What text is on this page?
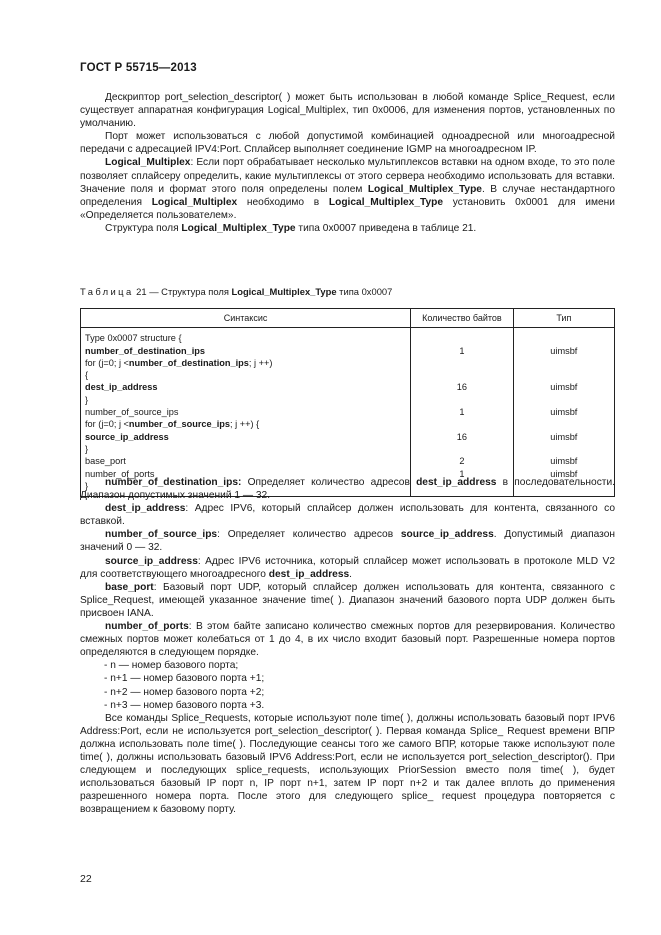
ГОСТ Р 55715—2013

Дескриптор port_selection_descriptor( ) может быть использован в любой команде Splice_Request, если существует аппаратная конфигурация Logical_Multiplex, тип 0x0006, для изменения портов, установленных по умолчанию.

Порт может использоваться с любой допустимой комбинацией одноадресной или многоадресной передачи с адресацией IPV4:Port. Сплайсер выполняет соединение IGMP на многоадресном IP.

Logical_Multiplex: Если порт обрабатывает несколько мультиплексов вставки на одном входе, то это поле позволяет сплайсеру определить, какие мультиплексы от этого сервера необходимо использовать для вставки. Значение поля и формат этого поля определены полем Logical_Multiplex_Type. В случае нестандартного определения Logical_Multiplex необходимо в Logical_Multiplex_Type установить 0x0001 для имени «Определяется пользователем».

Структура поля Logical_Multiplex_Type типа 0x0007 приведена в таблице 21.

Таблица 21 — Структура поля Logical_Multiplex_Type типа 0x0007
Синтаксис	Количество байтов	Тип
Type 0x0007 structure {		
number_of_destination_ips	1	uimsbf
for (j=0; j <number_of_destination_ips; j ++)		
{		
dest_ip_address	16	uimsbf
}		
number_of_source_ips	1	uimsbf
for (j=0; j <number_of_source_ips; j ++) {		
source_ip_address	16	uimsbf
}		
base_port	2	uimsbf
number_of_ports	1	uimsbf
}			number_of_destination_ips: Определяет количество адресов dest_ip_address в последовательности. Диапазон допустимых значений 1 — 32.

dest_ip_address: Адрес IPV6, который сплайсер должен использовать для контента, связанного со вставкой.

number_of_source_ips: Определяет количество адресов source_ip_address. Допустимый диапазон значений 0 — 32.

source_ip_address: Адрес IPV6 источника, который сплайсер может использовать в протоколе MLD V2 для соответствующего многоадресного dest_ip_address.

base_port: Базовый порт UDP, который сплайсер должен использовать для контента, связанного с Splice_Request, имеющей указанное значение time( ). Диапазон значений базового порта UDP должен быть присвоен IANA.

number_of_ports: В этом байте записано количество смежных портов для резервирования. Количество смежных портов может колебаться от 1 до 4, в их число входит базовый порт. Разрешенные номера портов определяются в следующем порядке.

- n — номер базового порта;

- n+1 — номер базового порта +1;

- n+2 — номер базового порта +2;

- n+3 — номер базового порта +3.

Все команды Splice_Requests, которые используют поле time( ), должны использовать базовый порт IPV6 Address:Port, если не используется port_selection_descriptor( ). Первая команда Splice_ Request времени ВПР должна использовать поле time( ). Последующие сеансы того же самого ВПР, которые также используют поле time( ), должны использовать базовый IPV6 Address:Port, если не используется port_selection_descriptor(). При следующем и последующих splice_requests, использующих PriorSession вместо поля time( ), будет использоваться базовый IP порт n, IP порт n+1, затем IP порт n+2 и так далее вплоть до применения разрешенного номера порта. После этого для следующего splice_ request процедура повторяется с возвращением к базовому порту.

22
